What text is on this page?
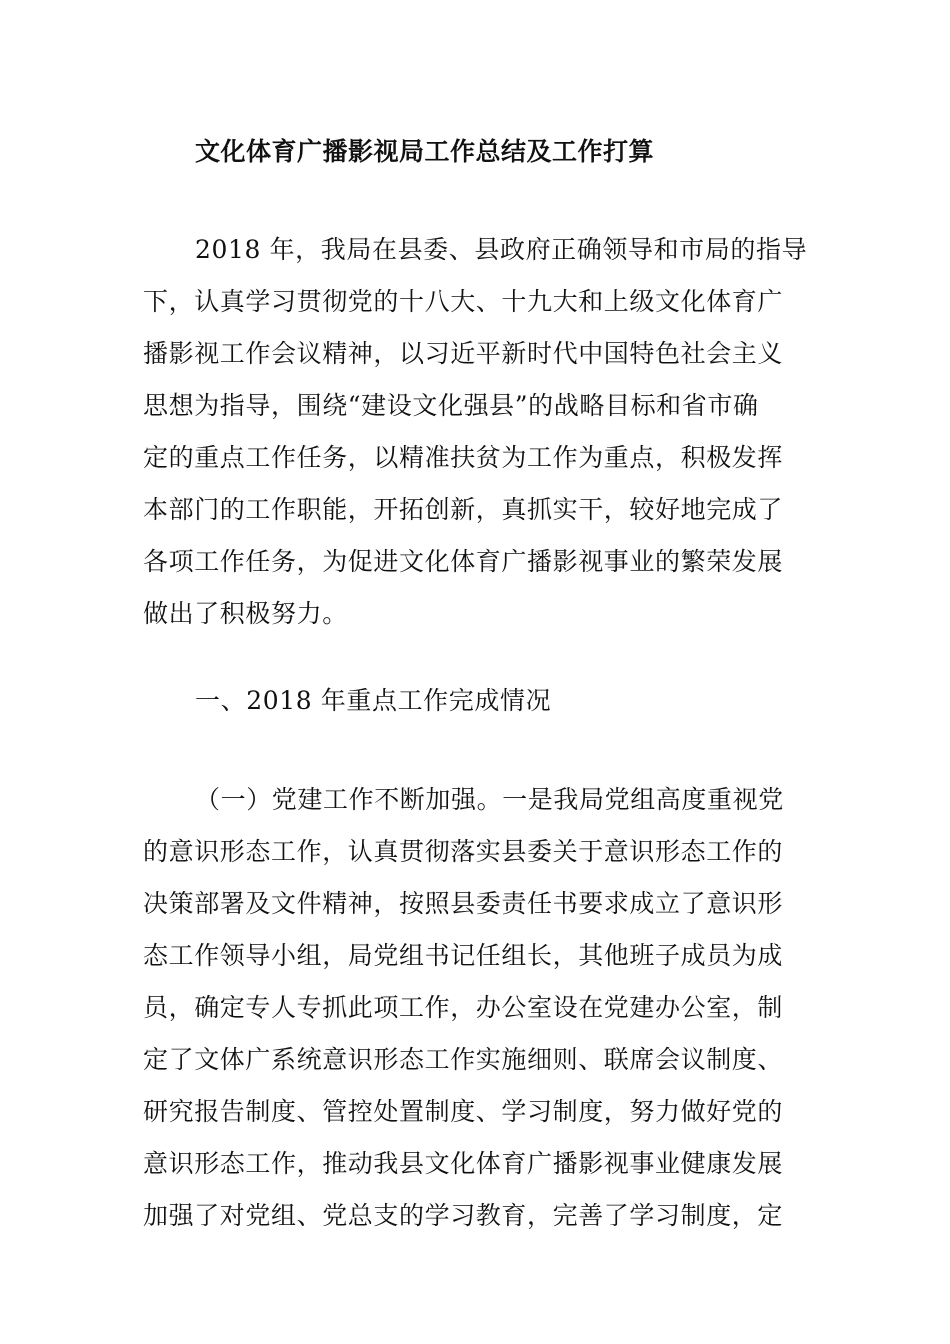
文化体育广播影视局工作总结及工作打算
2018 年，我局在县委、县政府正确领导和市局的指导
下，认真学习贯彻党的十八大、十九大和上级文化体育广
播影视工作会议精神，以习近平新时代中国特色社会主义
思想为指导，围绕“建设文化强县”的战略目标和省市确
定的重点工作任务，以精准扶贫为工作为重点，积极发挥
本部门的工作职能，开拓创新，真抓实干，较好地完成了
各项工作任务，为促进文化体育广播影视事业的繁荣发展
做出了积极努力。
一、2018 年重点工作完成情况
（一）党建工作不断加强。一是我局党组高度重视党
的意识形态工作，认真贯彻落实县委关于意识形态工作的
决策部署及文件精神，按照县委责任书要求成立了意识形
态工作领导小组，局党组书记任组长，其他班子成员为成
员，确定专人专抓此项工作，办公室设在党建办公室，制
定了文体广系统意识形态工作实施细则、联席会议制度、
研究报告制度、管控处置制度、学习制度，努力做好党的
意识形态工作，推动我县文化体育广播影视事业健康发展
加强了对党组、党总支的学习教育，完善了学习制度，定
